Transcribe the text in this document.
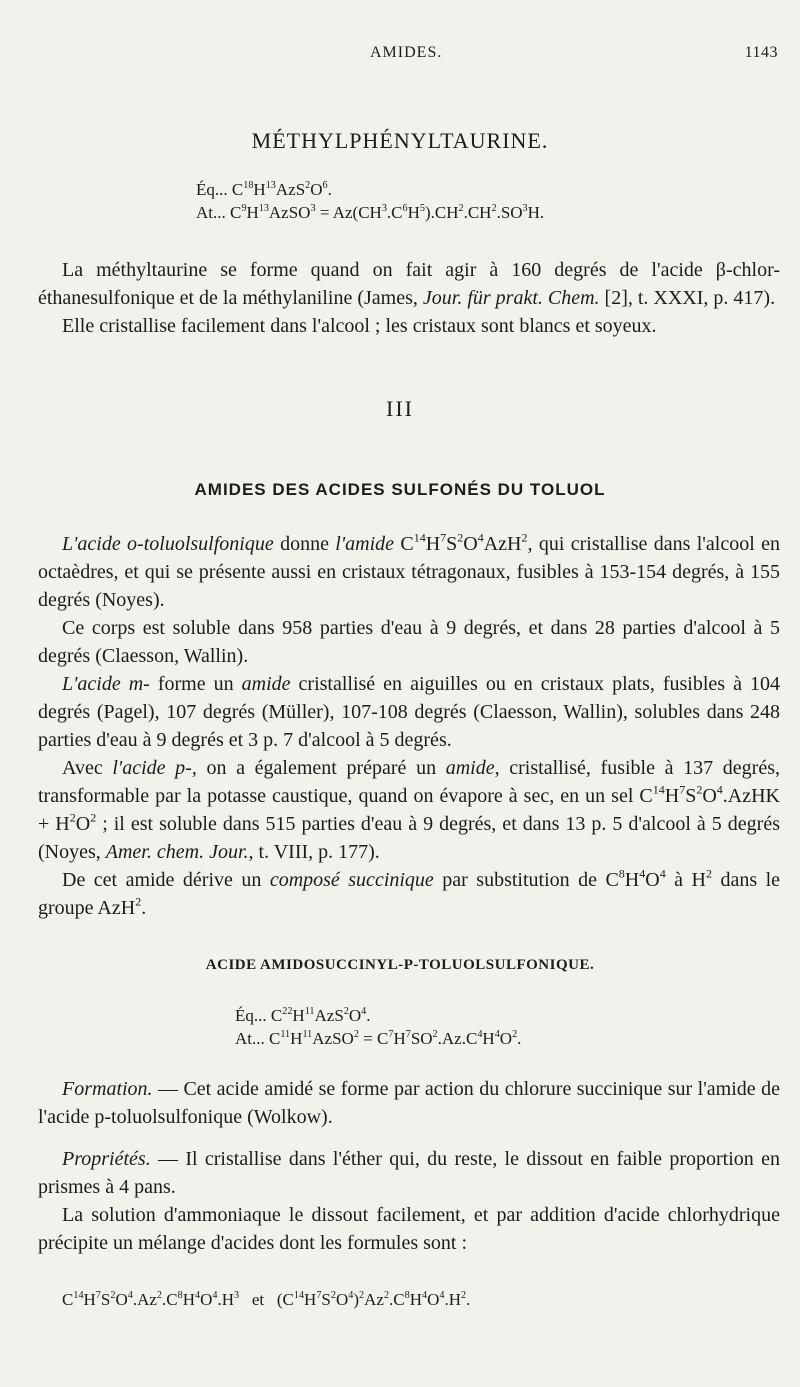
AMIDES.	1143
MÉTHYLPHÉNYLTAURINE.
Éq... $C^{18}H^{13}AzS^2O^6$.
At... $C^9H^{13}AzSO^3 = Az(CH^3.C^6H^5).CH^2.CH^2.SO^3H$.

La méthyltaurine se forme quand on fait agir à 160 degrés de l'acide β-chlor-éthanesulfonique et de la méthylaniline (James, Jour. für prakt. Chem. [2], t. XXXI, p. 417).

Elle cristallise facilement dans l'alcool ; les cristaux sont blancs et soyeux.

III
AMIDES DES ACIDES SULFONÉS DU TOLUOL

L'acide o-toluolsulfonique donne l'amide $C^{14}H^7S^2O^4AzH^2$, qui cristallise dans l'alcool en octaèdres, et qui se présente aussi en cristaux tétragonaux, fusibles à 153-154 degrés, à 155 degrés (Noyes).

Ce corps est soluble dans 958 parties d'eau à 9 degrés, et dans 28 parties d'alcool à 5 degrés (Claesson, Wallin).

L'acide m- forme un amide cristallisé en aiguilles ou en cristaux plats, fusibles à 104 degrés (Pagel), 107 degrés (Müller), 107-108 degrés (Claesson, Wallin), solubles dans 248 parties d'eau à 9 degrés et 3 p. 7 d'alcool à 5 degrés.

Avec l'acide p-, on a également préparé un amide, cristallisé, fusible à 137 degrés, transformable par la potasse caustique, quand on évapore à sec, en un sel $C^{14}H^7S^2O^4.AzHK + H^2O^2$ ; il est soluble dans 515 parties d'eau à 9 degrés, et dans 13 p. 5 d'alcool à 5 degrés (Noyes, Amer. chem. Jour., t. VIII, p. 177).

De cet amide dérive un composé succinique par substitution de $C^8H^4O^4$ à $H^2$ dans le groupe AzH$^2$.

ACIDE AMIDOSUCCINYL-P-TOLUOLSULFONIQUE.
Éq... $C^{22}H^{11}AzS^2O^4$.
At... $C^{11}H^{11}AzSO^2 = C^7H^7SO^2.Az.C^4H^4O^2$.

Formation. — Cet acide amidé se forme par action du chlorure succinique sur l'amide de l'acide p-toluolsulfonique (Wolkow).

Propriétés. — Il cristallise dans l'éther qui, du reste, le dissout en faible proportion en prismes à 4 pans.

La solution d'ammoniaque le dissout facilement, et par addition d'acide chlorhydrique précipite un mélange d'acides dont les formules sont :

$C^{14}H^7S^2O^4.Az^2.C^8H^4O^4.H^3$   et   $(C^{14}H^7S^2O^4)^2Az^2.C^8H^4O^4.H^2$.
